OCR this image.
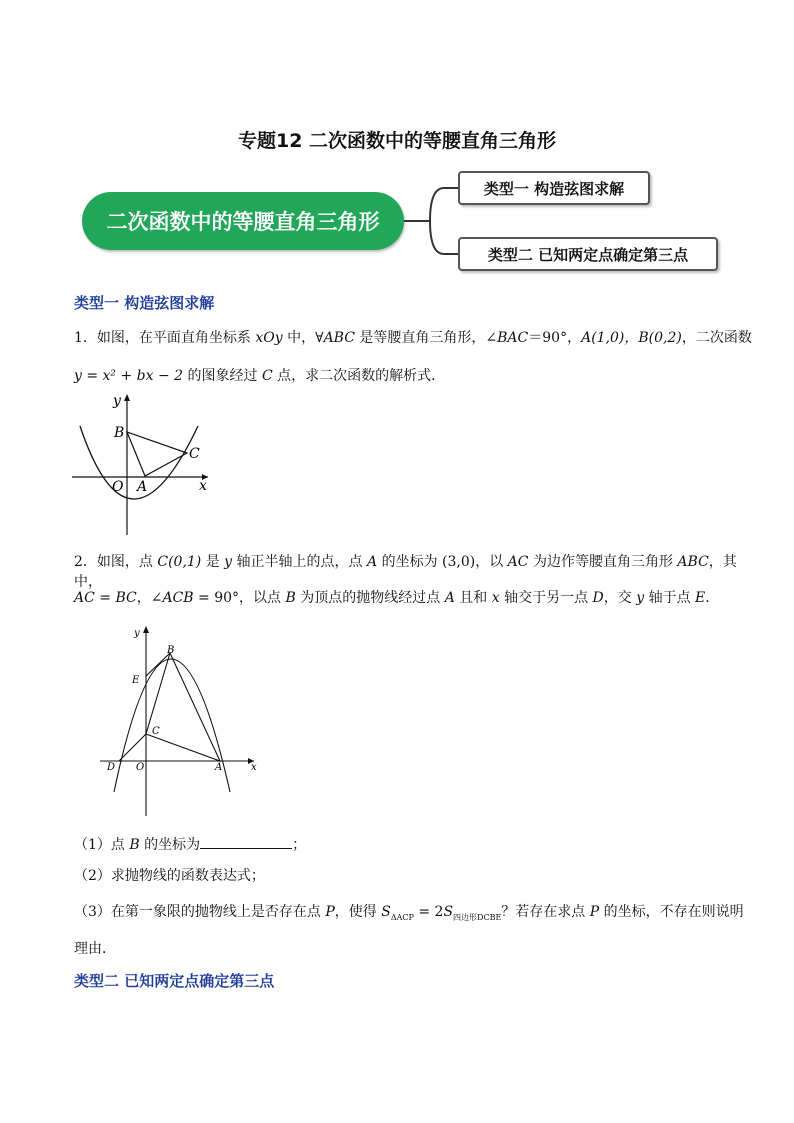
专题12 二次函数中的等腰直角三角形
二次函数中的等腰直角三角形
类型一 构造弦图求解
类型二 已知两定点确定第三点
类型一 构造弦图求解
1．如图，在平面直角坐标系 xOy 中，∀ABC 是等腰直角三角形，∠BAC＝90°，A(1,0)，B(0,2)，二次函数
y = x² + bx − 2 的图象经过 C 点，求二次函数的解析式．
y
x
O A
B
C
2．如图，点 C(0,1) 是 y 轴正半轴上的点，点 A 的坐标为 (3,0)，以 AC 为边作等腰直角三角形 ABC，其中，
AC = BC，∠ACB = 90°，以点 B 为顶点的抛物线经过点 A 且和 x 轴交于另一点 D，交 y 轴于点 E．
y
x
O	A
B
C
D
E
（1）点 B 的坐标为	；
（2）求抛物线的函数表达式；
（3）在第一象限的抛物线上是否存在点 P，使得 $S_{\Delta ACP} = 2S_{四边形DCBE}$？若存在求点 P 的坐标，不存在则说明
理由．
类型二 已知两定点确定第三点
